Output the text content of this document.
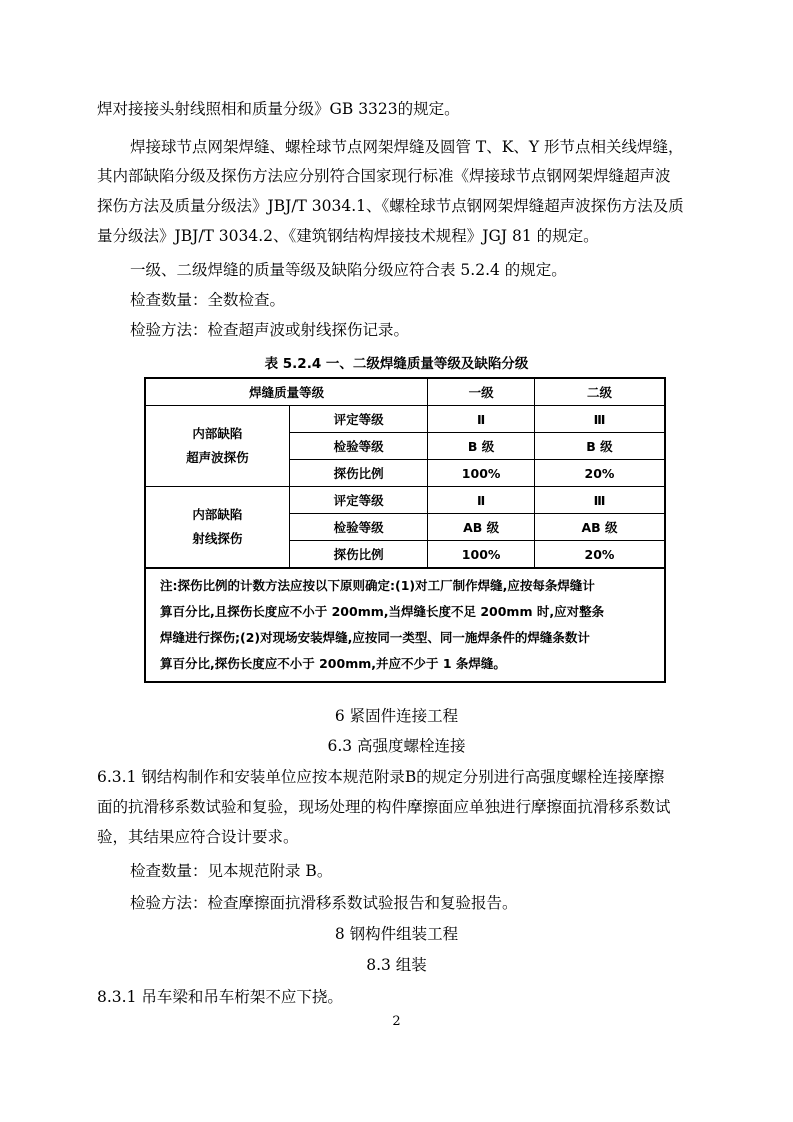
焊对接接头射线照相和质量分级》GB 3323的规定。
焊接球节点网架焊缝、螺栓球节点网架焊缝及圆管 T、K、Y 形节点相关线焊缝，
其内部缺陷分级及探伤方法应分别符合国家现行标准《焊接球节点钢网架焊缝超声波
探伤方法及质量分级法》JBJ/T 3034.1、《螺栓球节点钢网架焊缝超声波探伤方法及质
量分级法》JBJ/T 3034.2、《建筑钢结构焊接技术规程》JGJ 81 的规定。
一级、二级焊缝的质量等级及缺陷分级应符合表 5.2.4 的规定。
检查数量：全数检查。
检验方法：检查超声波或射线探伤记录。
表 5.2.4 一、二级焊缝质量等级及缺陷分级
焊缝质量等级		一级	二级
内部缺陷
超声波探伤	评定等级	Ⅱ	Ⅲ
	检验等级	B 级	B 级
	探伤比例	100%	20%
内部缺陷
射线探伤	评定等级	Ⅱ	Ⅲ
	检验等级	AB 级	AB 级
	探伤比例	100%	20%
注:探伤比例的计数方法应按以下原则确定:(1)对工厂制作焊缝,应按每条焊缝计
算百分比,且探伤长度应不小于 200mm,当焊缝长度不足 200mm 时,应对整条
焊缝进行探伤;(2)对现场安装焊缝,应按同一类型、同一施焊条件的焊缝条数计
算百分比,探伤长度应不小于 200mm,并应不少于 1 条焊缝。			
6 紧固件连接工程
6.3 高强度螺栓连接
6.3.1 钢结构制作和安装单位应按本规范附录B的规定分别进行高强度螺栓连接摩擦
面的抗滑移系数试验和复验，现场处理的构件摩擦面应单独进行摩擦面抗滑移系数试
验，其结果应符合设计要求。
检查数量：见本规范附录 B。
检验方法：检查摩擦面抗滑移系数试验报告和复验报告。
8 钢构件组装工程
8.3 组装
8.3.1 吊车梁和吊车桁架不应下挠。
2
